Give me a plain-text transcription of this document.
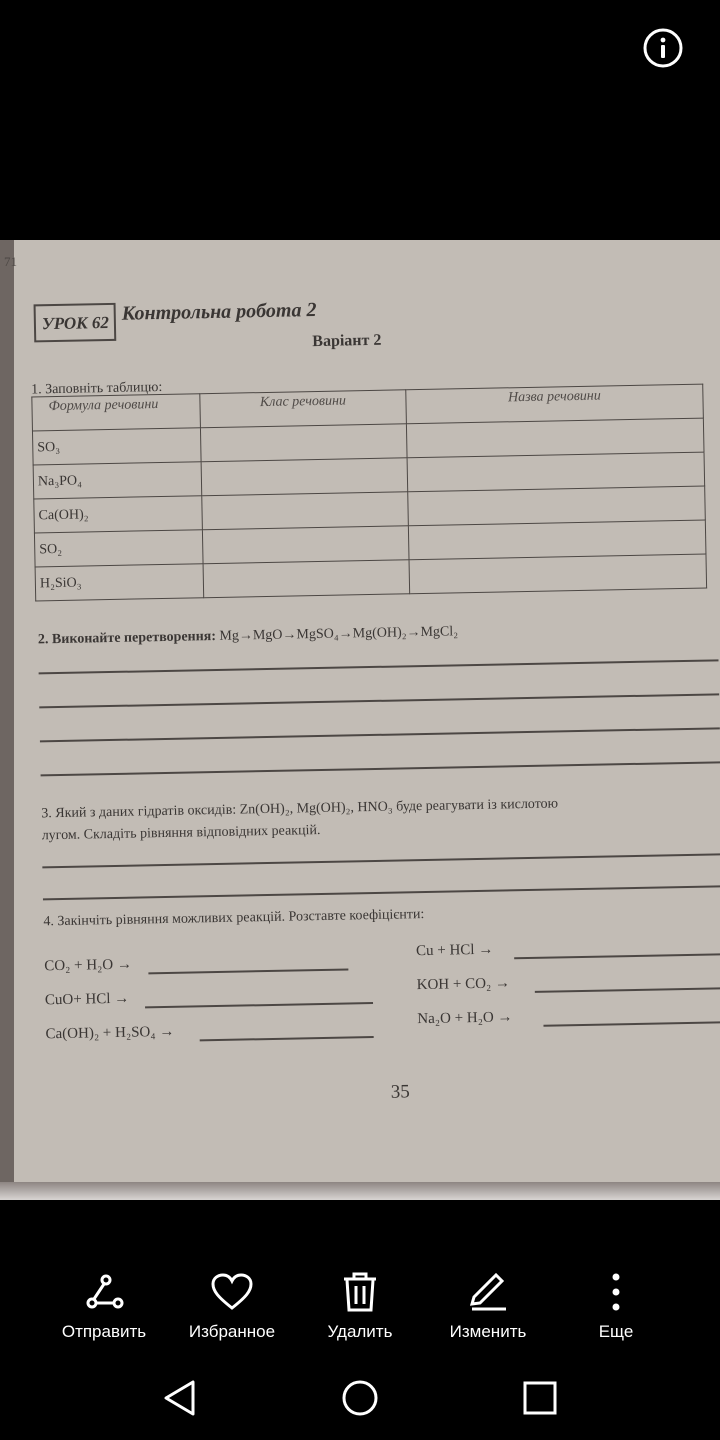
71
УРОК 62 Контрольна робота 2
Варіант 2
1. Заповніть таблицю:
Формула речовини	Клас речовини	Назва речовини
SO₃		
Na₃PO₄		
Ca(OH)₂		
SO₂		
H₂SiO₃		
2. Виконайте перетворення: Mg→MgO→MgSO₄→Mg(OH)₂→MgCl₂
3. Який з даних гідратів оксидів: Zn(OH)₂, Mg(OH)₂, HNO₃ буде реагувати із кислотою
лугом. Складіть рівняння відповідних реакцій.
4. Закінчіть рівняння можливих реакцій. Розставте коефіцієнти:
CO₂ + H₂O →
CuO+ HCl →
Ca(OH)₂ + H₂SO₄ →
Cu + HCl →
KOH + CO₂ →
Na₂O + H₂O →
35
Отправить	Избранное	Удалить	Изменить	Еще
